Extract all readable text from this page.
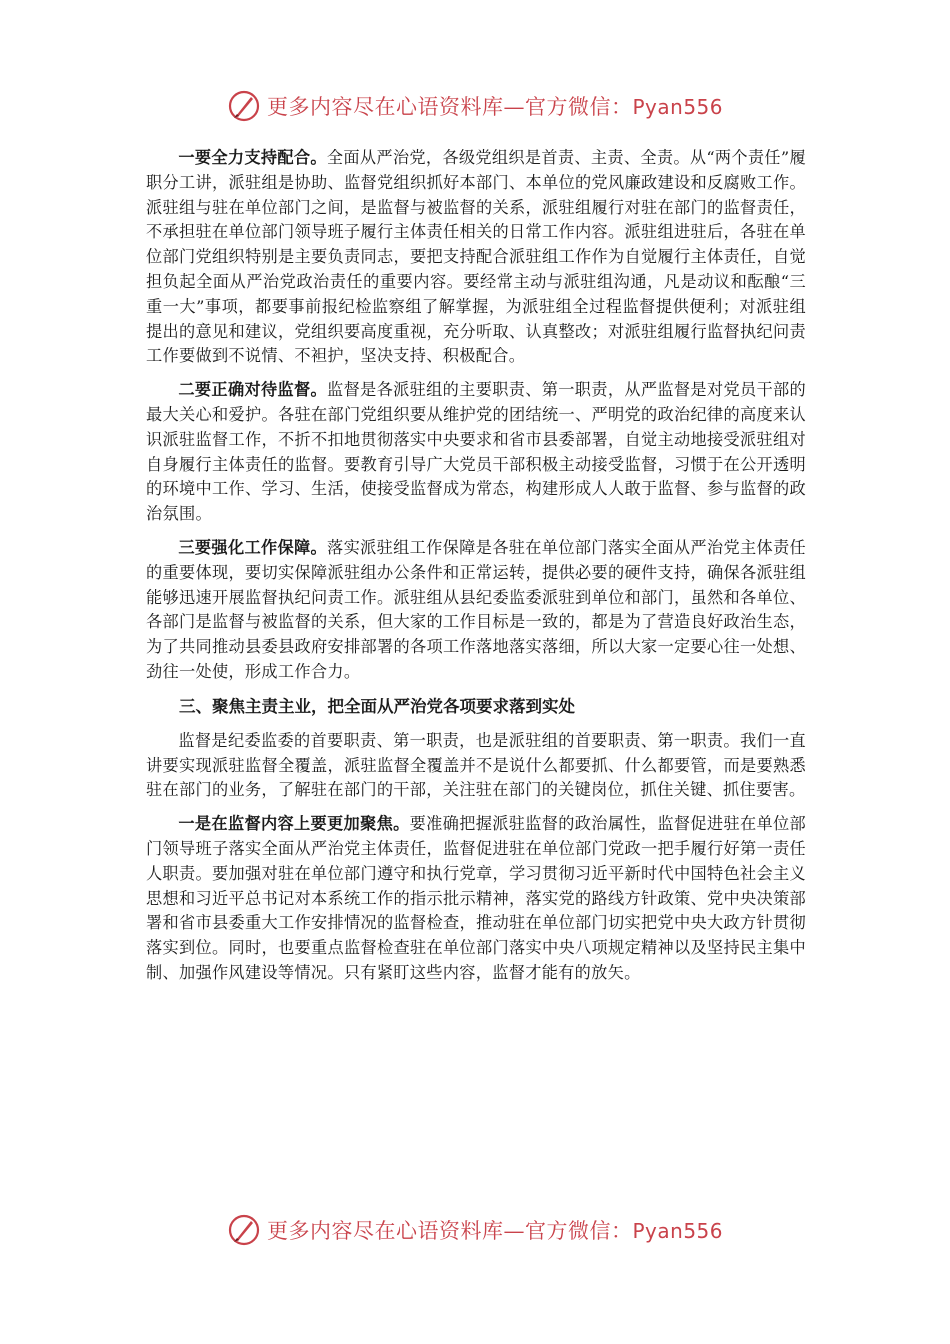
更多内容尽在心语资料库—官方微信：Pyan556

一要全力支持配合。全面从严治党，各级党组织是首责、主责、全责。从“两个责任”履职分工讲，派驻组是协助、监督党组织抓好本部门、本单位的党风廉政建设和反腐败工作。派驻组与驻在单位部门之间，是监督与被监督的关系，派驻组履行对驻在部门的监督责任，不承担驻在单位部门领导班子履行主体责任相关的日常工作内容。派驻组进驻后，各驻在单位部门党组织特别是主要负责同志，要把支持配合派驻组工作作为自觉履行主体责任，自觉担负起全面从严治党政治责任的重要内容。要经常主动与派驻组沟通，凡是动议和酝酿“三重一大”事项，都要事前报纪检监察组了解掌握，为派驻组全过程监督提供便利；对派驻组提出的意见和建议，党组织要高度重视，充分听取、认真整改；对派驻组履行监督执纪问责工作要做到不说情、不袒护，坚决支持、积极配合。

二要正确对待监督。监督是各派驻组的主要职责、第一职责，从严监督是对党员干部的最大关心和爱护。各驻在部门党组织要从维护党的团结统一、严明党的政治纪律的高度来认识派驻监督工作，不折不扣地贯彻落实中央要求和省市县委部署，自觉主动地接受派驻组对自身履行主体责任的监督。要教育引导广大党员干部积极主动接受监督，习惯于在公开透明的环境中工作、学习、生活，使接受监督成为常态，构建形成人人敢于监督、参与监督的政治氛围。

三要强化工作保障。落实派驻组工作保障是各驻在单位部门落实全面从严治党主体责任的重要体现，要切实保障派驻组办公条件和正常运转，提供必要的硬件支持，确保各派驻组能够迅速开展监督执纪问责工作。派驻组从县纪委监委派驻到单位和部门，虽然和各单位、各部门是监督与被监督的关系，但大家的工作目标是一致的，都是为了营造良好政治生态，为了共同推动县委县政府安排部署的各项工作落地落实落细，所以大家一定要心往一处想、劲往一处使，形成工作合力。

三、聚焦主责主业，把全面从严治党各项要求落到实处

监督是纪委监委的首要职责、第一职责，也是派驻组的首要职责、第一职责。我们一直讲要实现派驻监督全覆盖，派驻监督全覆盖并不是说什么都要抓、什么都要管，而是要熟悉驻在部门的业务，了解驻在部门的干部，关注驻在部门的关键岗位，抓住关键、抓住要害。

一是在监督内容上要更加聚焦。要准确把握派驻监督的政治属性，监督促进驻在单位部门领导班子落实全面从严治党主体责任，监督促进驻在单位部门党政一把手履行好第一责任人职责。要加强对驻在单位部门遵守和执行党章，学习贯彻习近平新时代中国特色社会主义思想和习近平总书记对本系统工作的指示批示精神，落实党的路线方针政策、党中央决策部署和省市县委重大工作安排情况的监督检查，推动驻在单位部门切实把党中央大政方针贯彻落实到位。同时，也要重点监督检查驻在单位部门落实中央八项规定精神以及坚持民主集中制、加强作风建设等情况。只有紧盯这些内容，监督才能有的放矢。

更多内容尽在心语资料库—官方微信：Pyan556
